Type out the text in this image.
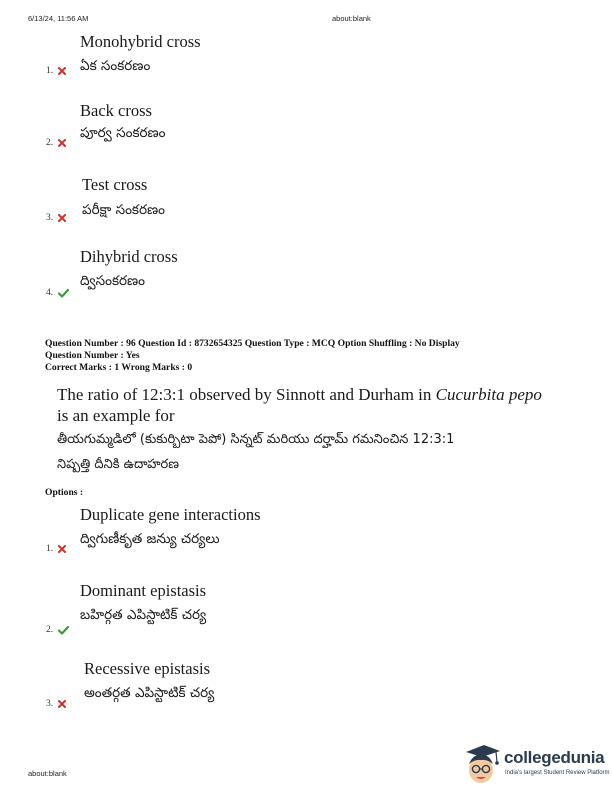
6/13/24, 11:56 AM	about:blank
Monohybrid cross
ఏక సంకరణం
1.
Back cross
పూర్వ సంకరణం
2.
Test cross
పరీక్షా సంకరణం
3.
Dihybrid cross
ద్విసంకరణం
4.
Question Number : 96 Question Id : 8732654325 Question Type : MCQ Option Shuffling : No Display
Question Number : Yes
Correct Marks : 1 Wrong Marks : 0
The ratio of 12:3:1 observed by Sinnott and Durham in Cucurbita pepo
is an example for
తీయగుమ్మడిలో (కుకుర్బిటా పెపో) సిన్నట్ మరియు దర్హామ్ గమనించిన 12:3:1
నిష్పత్తి దీనికి ఉదాహరణ
Options :
Duplicate gene interactions
ద్విగుణీకృత జన్యు చర్యలు
1.
Dominant epistasis
బహిర్గత ఎపిస్టాటిక్ చర్య
2.
Recessive epistasis
అంతర్గత ఎపిస్టాటిక్ చర్య
3.
about:blank
collegedunia
India's largest Student Review Platform
